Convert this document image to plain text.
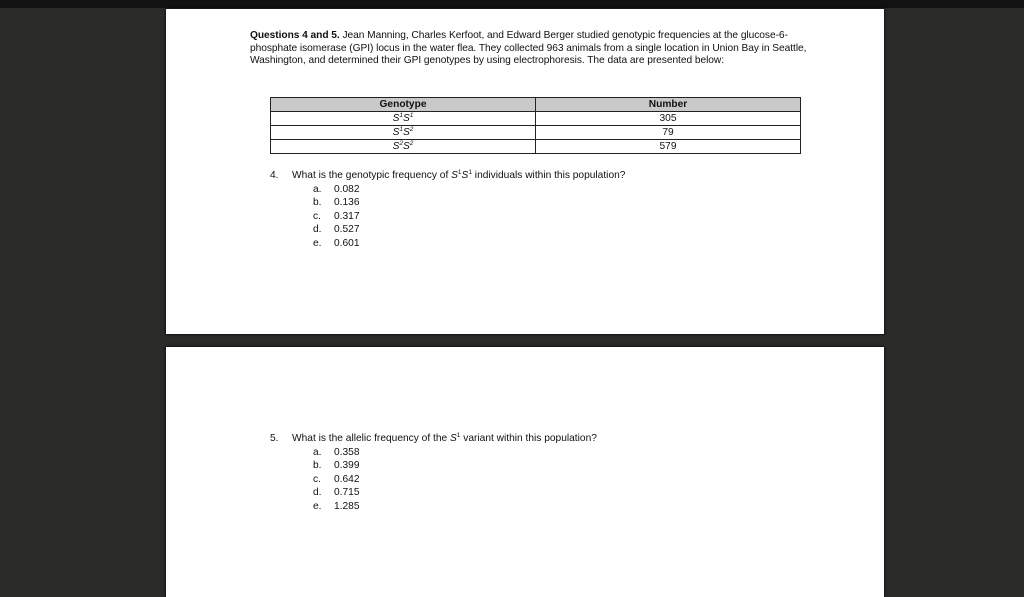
Questions 4 and 5. Jean Manning, Charles Kerfoot, and Edward Berger studied genotypic frequencies at the glucose-6-phosphate isomerase (GPI) locus in the water flea. They collected 963 animals from a single location in Union Bay in Seattle, Washington, and determined their GPI genotypes by using electrophoresis. The data are presented below:
Genotype	Number
$S^1S^1$	305
$S^1S^2$	79
$S^2S^2$	579
4.	What is the genotypic frequency of $S^1S^1$ individuals within this population?
a.	0.082
b.	0.136
c.	0.317
d.	0.527
e.	0.601
5.	What is the allelic frequency of the $S^1$ variant within this population?
a.	0.358
b.	0.399
c.	0.642
d.	0.715
e.	1.285
